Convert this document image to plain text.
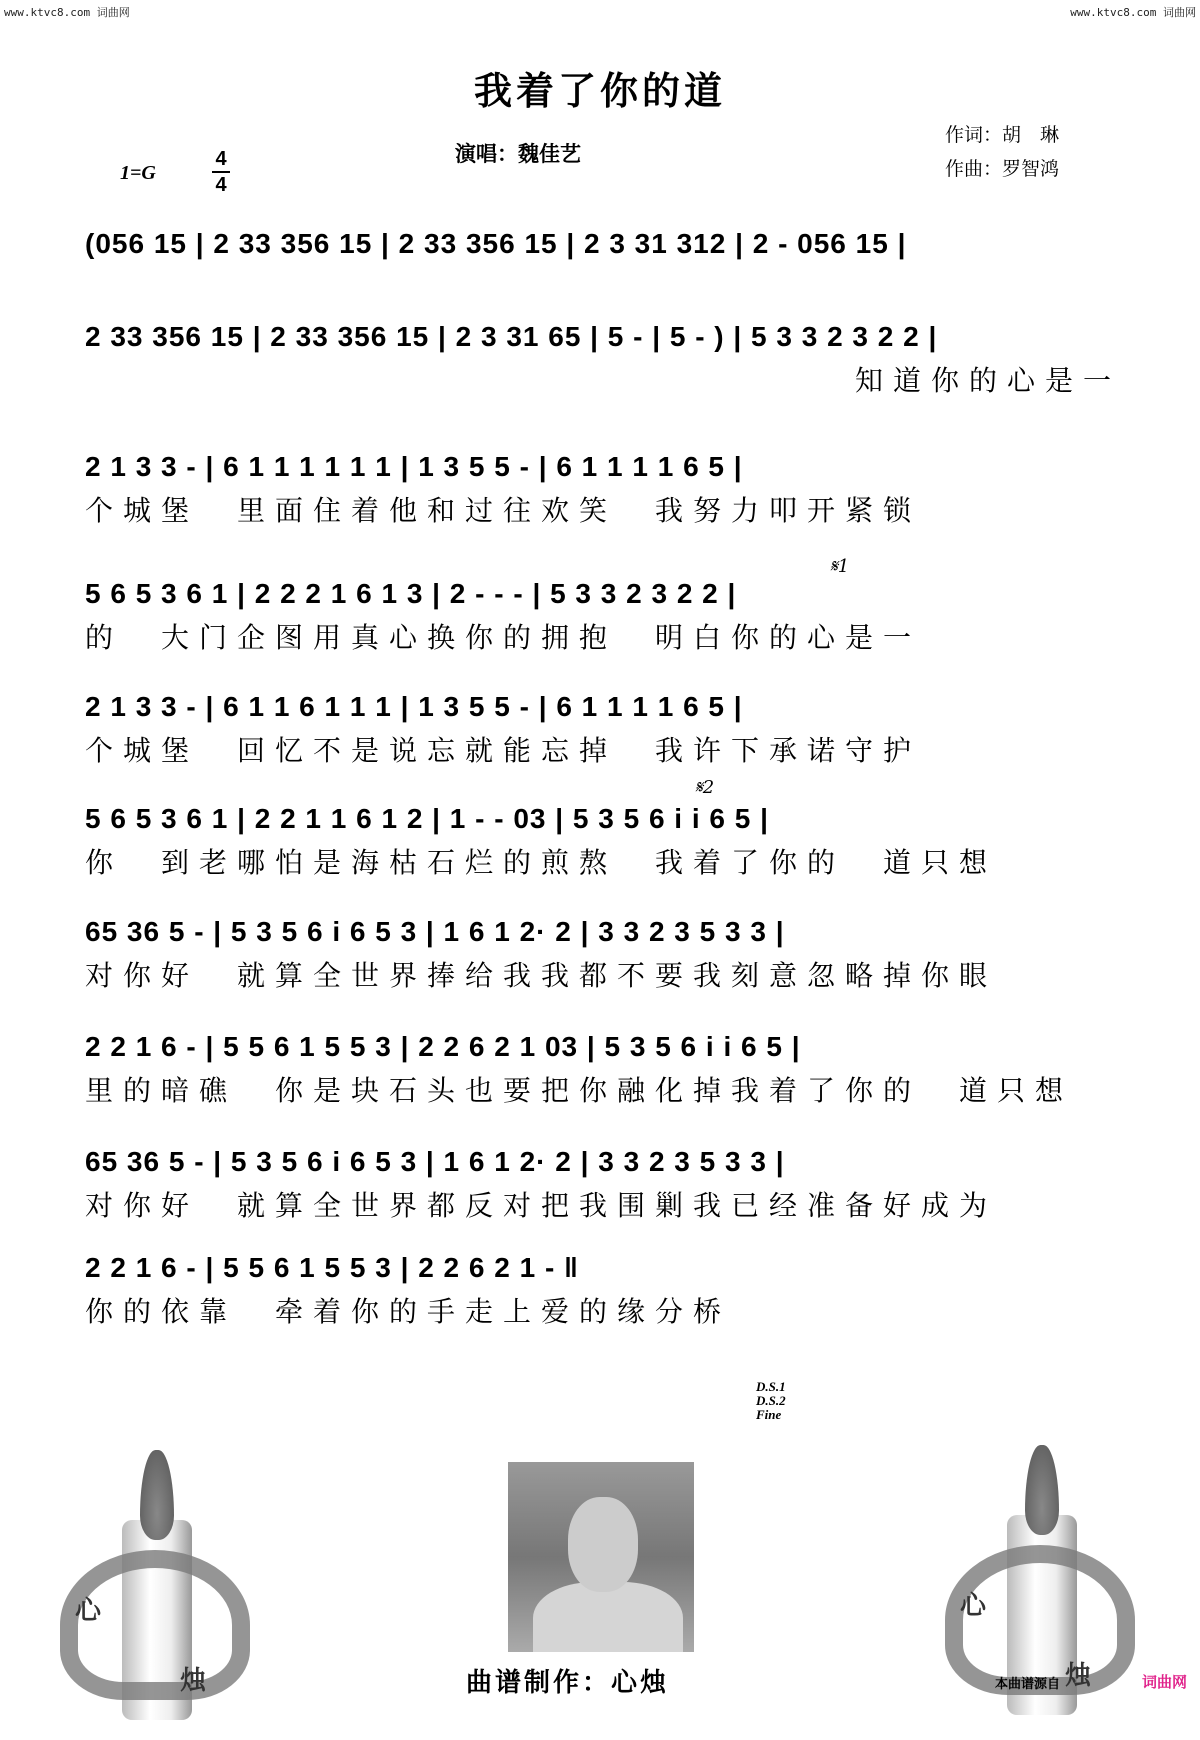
www.ktvc8.com 词曲网	www.ktvc8.com 词曲网
我着了你的道
演唱：魏佳艺
作词：胡　琳
作曲：罗智鸿
1=G
4
4
(056 15 | 2 33 356 15 | 2 33 356 15 | 2 3 31 312 | 2 - 056 15 |
2 33 356 15 | 2 33 356 15 | 2 3 31 65 | 5 - | 5 - ) | 5 3 3 2 3 2 2 |
知道你的心是一
2 1 3 3 - | 6 1 1 1 1 1 1 | 1 3 5 5 - | 6 1 1 1 1 6 5 |
个城堡　里面住着他和过往欢笑　我努力叩开紧锁
𝄋1
5 6 5 3 6 1 | 2 2 2 1 6 1 3 | 2 - - - | 5 3 3 2 3 2 2 |
的　大门企图用真心换你的拥抱　明白你的心是一
2 1 3 3 - | 6 1 1 6 1 1 1 | 1 3 5 5 - | 6 1 1 1 1 6 5 |
个城堡　回忆不是说忘就能忘掉　我许下承诺守护
𝄋2
5 6 5 3 6 1 | 2 2 1 1 6 1 2 | 1 - - 03 | 5 3 5 6 i i 6 5 |
你　到老哪怕是海枯石烂的煎熬　我着了你的　道只想
65 36 5 - | 5 3 5 6 i 6 5 3 | 1 6 1 2· 2 | 3 3 2 3 5 3 3 |
对你好　就算全世界捧给我我都不要我刻意忽略掉你眼
2 2 1 6 - | 5 5 6 1 5 5 3 | 2 2 6 2 1 03 | 5 3 5 6 i i 6 5 |
里的暗礁　你是块石头也要把你融化掉我着了你的　道只想
65 36 5 - | 5 3 5 6 i 6 5 3 | 1 6 1 2· 2 | 3 3 2 3 5 3 3 |
对你好　就算全世界都反对把我围剿我已经准备好成为
2 2 1 6 - | 5 5 6 1 5 5 3 | 2 2 6 2 1 - ‖
你的依靠　牵着你的手走上爱的缘分桥
D.S.1
D.S.2
Fine
心
烛	曲谱制作：心烛
心
烛
本曲谱源自	词曲网
